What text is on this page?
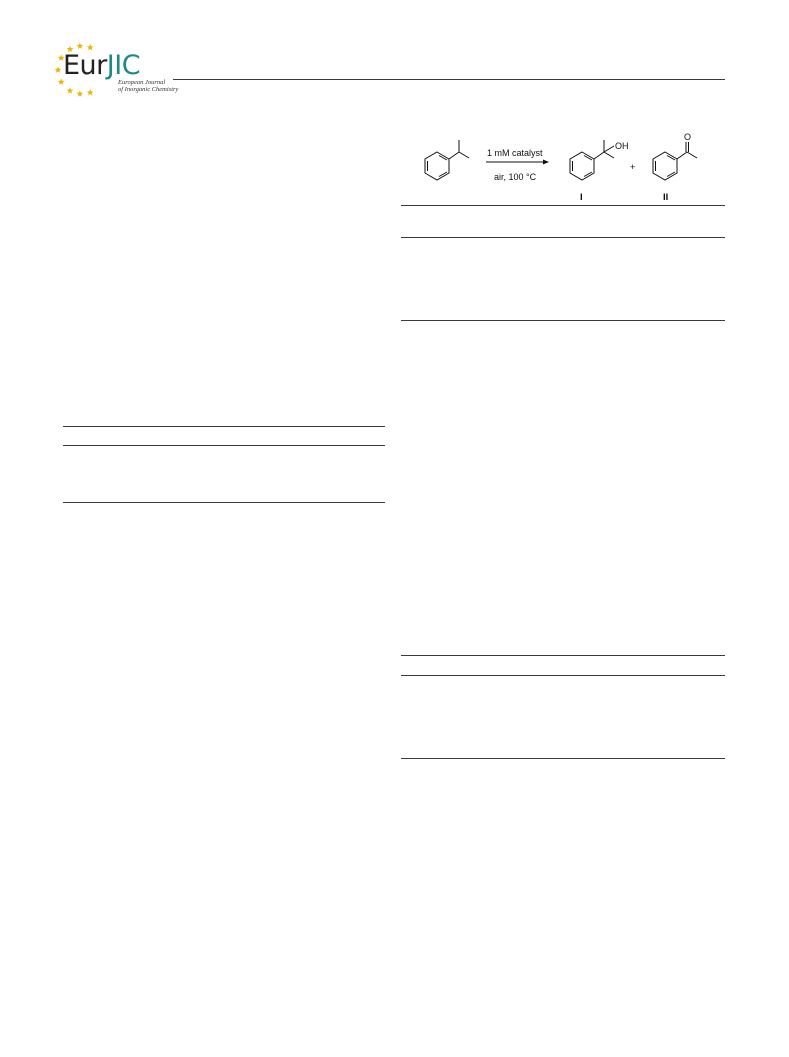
EurJIC
European Journal
of Inorganic Chemistry
1 mM catalyst
air, 100 °C
OH
I
+
O
II
